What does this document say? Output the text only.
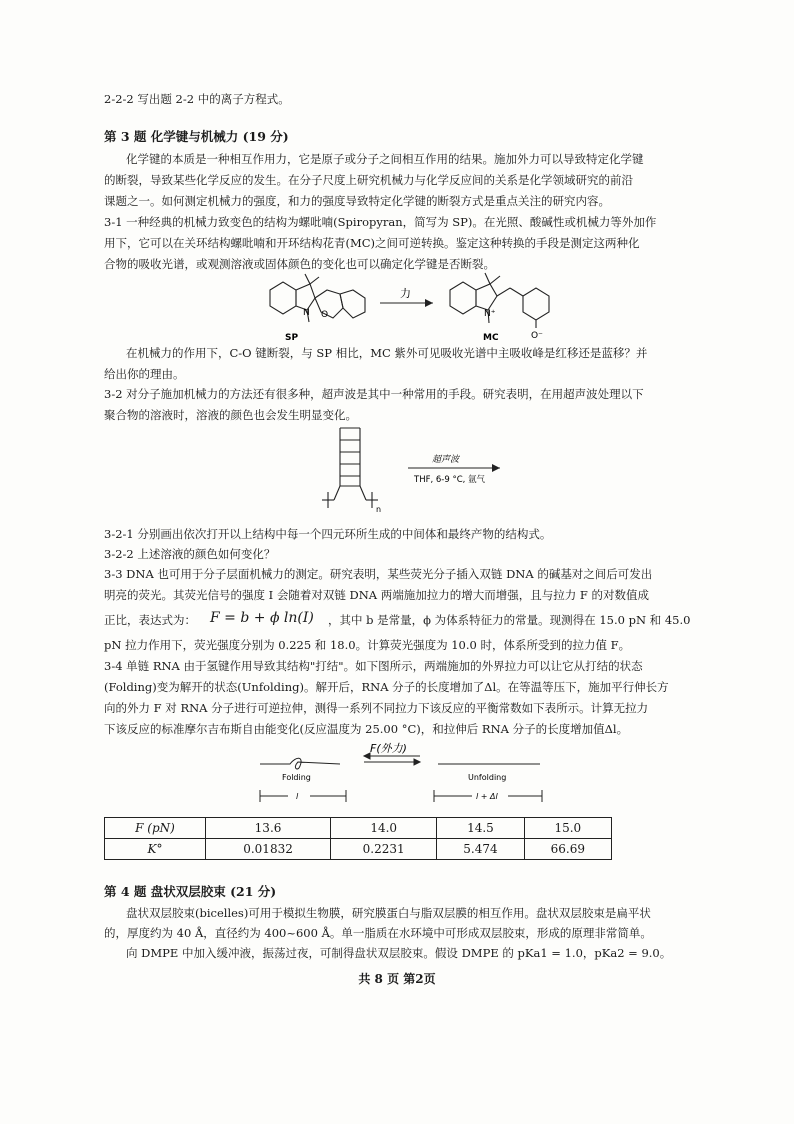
2-2-2 写出题 2-2 中的离子方程式。
第 3 题 化学键与机械力 (19 分)
化学键的本质是一种相互作用力，它是原子或分子之间相互作用的结果。施加外力可以导致特定化学键
的断裂，导致某些化学反应的发生。在分子尺度上研究机械力与化学反应间的关系是化学领域研究的前沿
课题之一。如何测定机械力的强度，和力的强度导致特定化学键的断裂方式是重点关注的研究内容。
3-1 一种经典的机械力致变色的结构为螺吡喃(Spiropyran，简写为 SP)。在光照、酸碱性或机械力等外加作
用下，它可以在关环结构螺吡喃和开环结构花青(MC)之间可逆转换。鉴定这种转换的手段是测定这两种化
合物的吸收光谱，或观测溶液或固体颜色的变化也可以确定化学键是否断裂。
N O
SP
力
N⁺
O⁻
MC
在机械力的作用下，C-O 键断裂，与 SP 相比，MC 紫外可见吸收光谱中主吸收峰是红移还是蓝移？并
给出你的理由。
3-2 对分子施加机械力的方法还有很多种，超声波是其中一种常用的手段。研究表明，在用超声波处理以下
聚合物的溶液时，溶液的颜色也会发生明显变化。
n
超声波
THF, 6-9 °C, 氩气
3-2-1 分别画出依次打开以上结构中每一个四元环所生成的中间体和最终产物的结构式。
3-2-2 上述溶液的颜色如何变化？
3-3 DNA 也可用于分子层面机械力的测定。研究表明，某些荧光分子插入双链 DNA 的碱基对之间后可发出
明亮的荧光。其荧光信号的强度 I 会随着对双链 DNA 两端施加拉力的增大而增强，且与拉力 F 的对数值成
正比，表达式为： F = b + ϕ ln(I) ，其中 b 是常量，ϕ 为体系特征力的常量。现测得在 15.0 pN 和 45.0
pN 拉力作用下，荧光强度分别为 0.225 和 18.0。计算荧光强度为 10.0 时，体系所受到的拉力值 F。
3-4 单链 RNA 由于氢键作用导致其结构"打结"。如下图所示，两端施加的外界拉力可以让它从打结的状态
(Folding)变为解开的状态(Unfolding)。解开后，RNA 分子的长度增加了Δl。在等温等压下，施加平行伸长方
向的外力 F 对 RNA 分子进行可逆拉伸，测得一系列不同拉力下该反应的平衡常数如下表所示。计算无拉力
下该反应的标准摩尔吉布斯自由能变化(反应温度为 25.00 °C)，和拉伸后 RNA 分子的长度增加值Δl。
F(外力)
Folding	Unfolding
l	l + Δl
F (pN)	13.6	14.0	14.5	15.0
K°	0.01832	0.2231	5.474	66.69
第 4 题 盘状双层胶束 (21 分)
盘状双层胶束(bicelles)可用于模拟生物膜，研究膜蛋白与脂双层膜的相互作用。盘状双层胶束是扁平状
的，厚度约为 40 Å，直径约为 400~600 Å。单一脂质在水环境中可形成双层胶束，形成的原理非常简单。
向 DMPE 中加入缓冲液，振荡过夜，可制得盘状双层胶束。假设 DMPE 的 pKa1 = 1.0，pKa2 = 9.0。
共 8 页 第2页
